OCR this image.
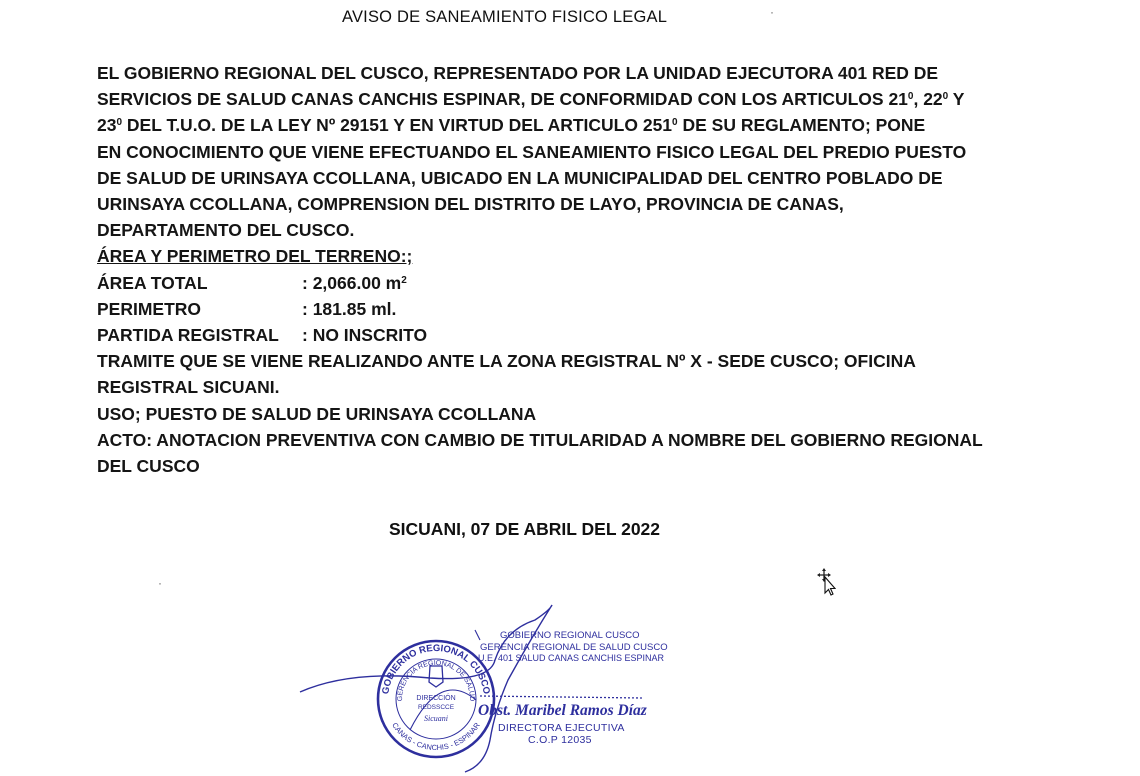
AVISO DE SANEAMIENTO FISICO LEGAL	·

EL GOBIERNO REGIONAL DEL CUSCO, REPRESENTADO POR LA UNIDAD EJECUTORA 401 RED DE

SERVICIOS DE SALUD CANAS CANCHIS ESPINAR, DE CONFORMIDAD CON LOS ARTICULOS $21^0$, $22^0$ Y

$23^0$ DEL T.U.O. DE LA LEY Nº 29151 Y EN VIRTUD DEL ARTICULO $251^0$ DE SU REGLAMENTO; PONE

EN CONOCIMIENTO QUE VIENE EFECTUANDO EL SANEAMIENTO FISICO LEGAL DEL PREDIO PUESTO

DE SALUD DE URINSAYA CCOLLANA, UBICADO EN LA MUNICIPALIDAD DEL CENTRO POBLADO DE

URINSAYA CCOLLANA, COMPRENSION DEL DISTRITO DE LAYO, PROVINCIA DE CANAS,

DEPARTAMENTO DEL CUSCO.

ÁREA Y PERIMETRO DEL TERRENO:;

ÁREA TOTAL	: 2,066.00 $m^2$
PERIMETRO	: 181.85 ml.
PARTIDA REGISTRAL	: NO INSCRITO

TRAMITE QUE SE VIENE REALIZANDO ANTE LA ZONA REGISTRAL Nº X - SEDE CUSCO; OFICINA

REGISTRAL SICUANI.

USO; PUESTO DE SALUD DE URINSAYA CCOLLANA

ACTO: ANOTACION PREVENTIVA CON CAMBIO DE TITULARIDAD A NOMBRE DEL GOBIERNO REGIONAL

DEL CUSCO

SICUANI, 07 DE ABRIL DEL 2022
·
GOBIERNO REGIONAL CUSCO
GERENCIA REGIONAL DE SALUD
CANAS - CANCHIS - ESPINAR
DIRECCIÓN
REDSSCCE
Sicuani
GOBIERNO REGIONAL CUSCO
GERENCIA REGIONAL DE SALUD CUSCO
U.E. 401 SALUD CANAS CANCHIS ESPINAR
Obst. Maribel Ramos Díaz
DIRECTORA EJECUTIVA
C.O.P 12035
